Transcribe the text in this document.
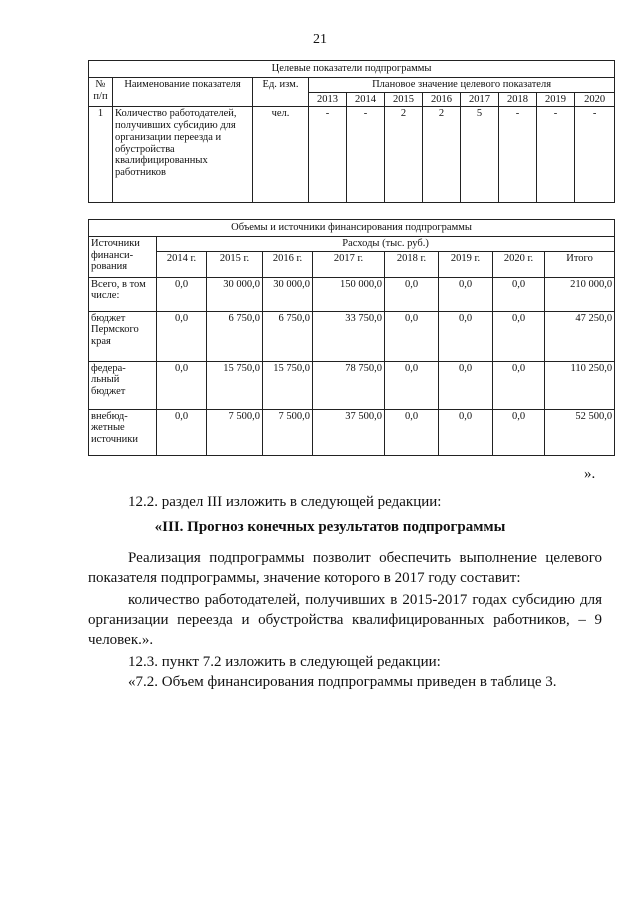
21
Целевые показатели подпрограммы										
№ п/п	Наименование показателя	Ед. изм.	Плановое значение целевого показателя							
			2013	2014	2015	2016	2017	2018	2019	2020
1	Количество работодателей, получивших субсидию для организации переезда и обустройства квалифицированных работников	чел.	-	-	2	2	5	-	-	-
Объемы и источники финансирования подпрограммы								
Источники финанси-рования	Расходы (тыс. руб.)							
	2014 г.	2015 г.	2016 г.	2017 г.	2018 г.	2019 г.	2020 г.	Итого
Всего, в том числе:	0,0	30 000,0	30 000,0	150 000,0	0,0	0,0	0,0	210 000,0
бюджет Пермского края	0,0	6 750,0	6 750,0	33 750,0	0,0	0,0	0,0	47 250,0
федера-льный бюджет	0,0	15 750,0	15 750,0	78 750,0	0,0	0,0	0,0	110 250,0
внебюд-жетные источники	0,0	7 500,0	7 500,0	37 500,0	0,0	0,0	0,0	52 500,0
».
12.2. раздел III изложить в следующей редакции:
«III. Прогноз конечных результатов подпрограммы
Реализация подпрограммы позволит обеспечить выполнение целевого показателя подпрограммы, значение которого в 2017 году составит:
количество работодателей, получивших в 2015-2017 годах субсидию для организации переезда и обустройства квалифицированных работников, – 9 человек.».
12.3. пункт 7.2 изложить в следующей редакции:
«7.2. Объем финансирования подпрограммы приведен в таблице 3.
